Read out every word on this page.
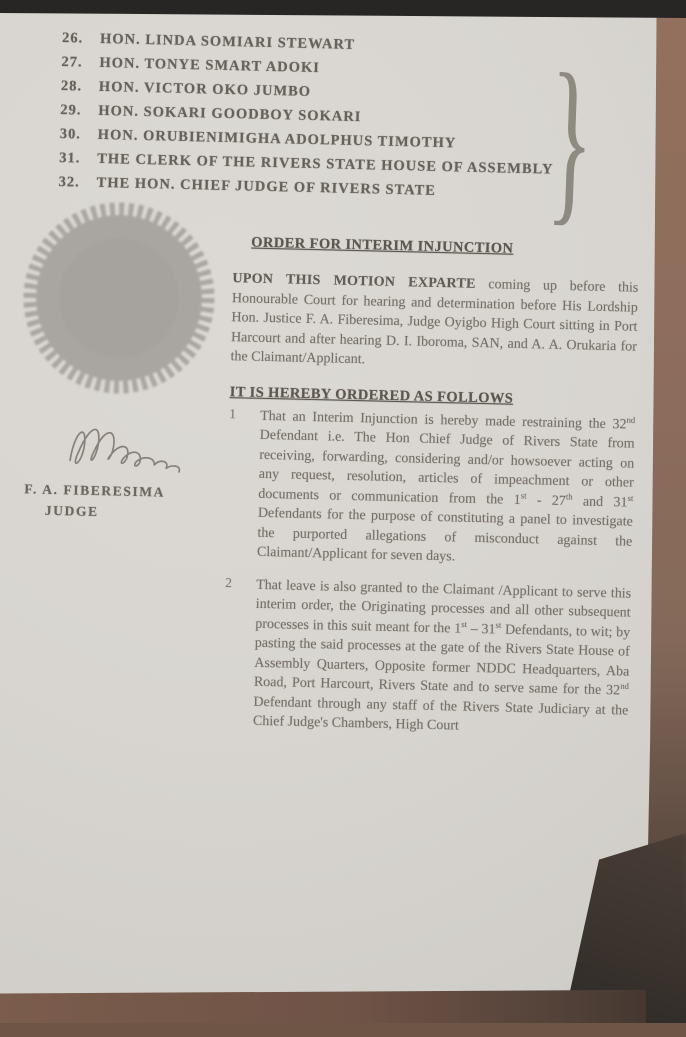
26.	HON. LINDA SOMIARI STEWART
27.	HON. TONYE SMART ADOKI
28.	HON. VICTOR OKO JUMBO
29.	HON. SOKARI GOODBOY SOKARI
30.	HON. ORUBIENIMIGHA ADOLPHUS TIMOTHY
31.	THE CLERK OF THE RIVERS STATE HOUSE OF ASSEMBLY
32.	THE HON. CHIEF JUDGE OF RIVERS STATE }
ORDER FOR INTERIM INJUNCTION

UPON THIS MOTION EXPARTE coming up before this Honourable Court for hearing and determination before His Lordship Hon. Justice F. A. Fiberesima, Judge Oyigbo High Court sitting in Port Harcourt and after hearing D. I. Iboroma, SAN, and A. A. Orukaria for the Claimant/Applicant.

IT IS HEREBY ORDERED AS FOLLOWS
1	That an Interim Injunction is hereby made restraining the 32nd Defendant i.e. The Hon Chief Judge of Rivers State from receiving, forwarding, considering and/or howsoever acting on any request, resolution, articles of impeachment or other documents or communication from the 1st - 27th and 31st Defendants for the purpose of constituting a panel to investigate the purported allegations of misconduct against the Claimant/Applicant for seven days.
2	That leave is also granted to the Claimant /Applicant to serve this interim order, the Originating processes and all other subsequent processes in this suit meant for the 1st – 31st Defendants, to wit; by pasting the said processes at the gate of the Rivers State House of Assembly Quarters, Opposite former NDDC Headquarters, Aba Road, Port Harcourt, Rivers State and to serve same for the 32nd Defendant through any staff of the Rivers State Judiciary at the Chief Judge's Chambers, High Court
F. A. FIBERESIMA
JUDGE
